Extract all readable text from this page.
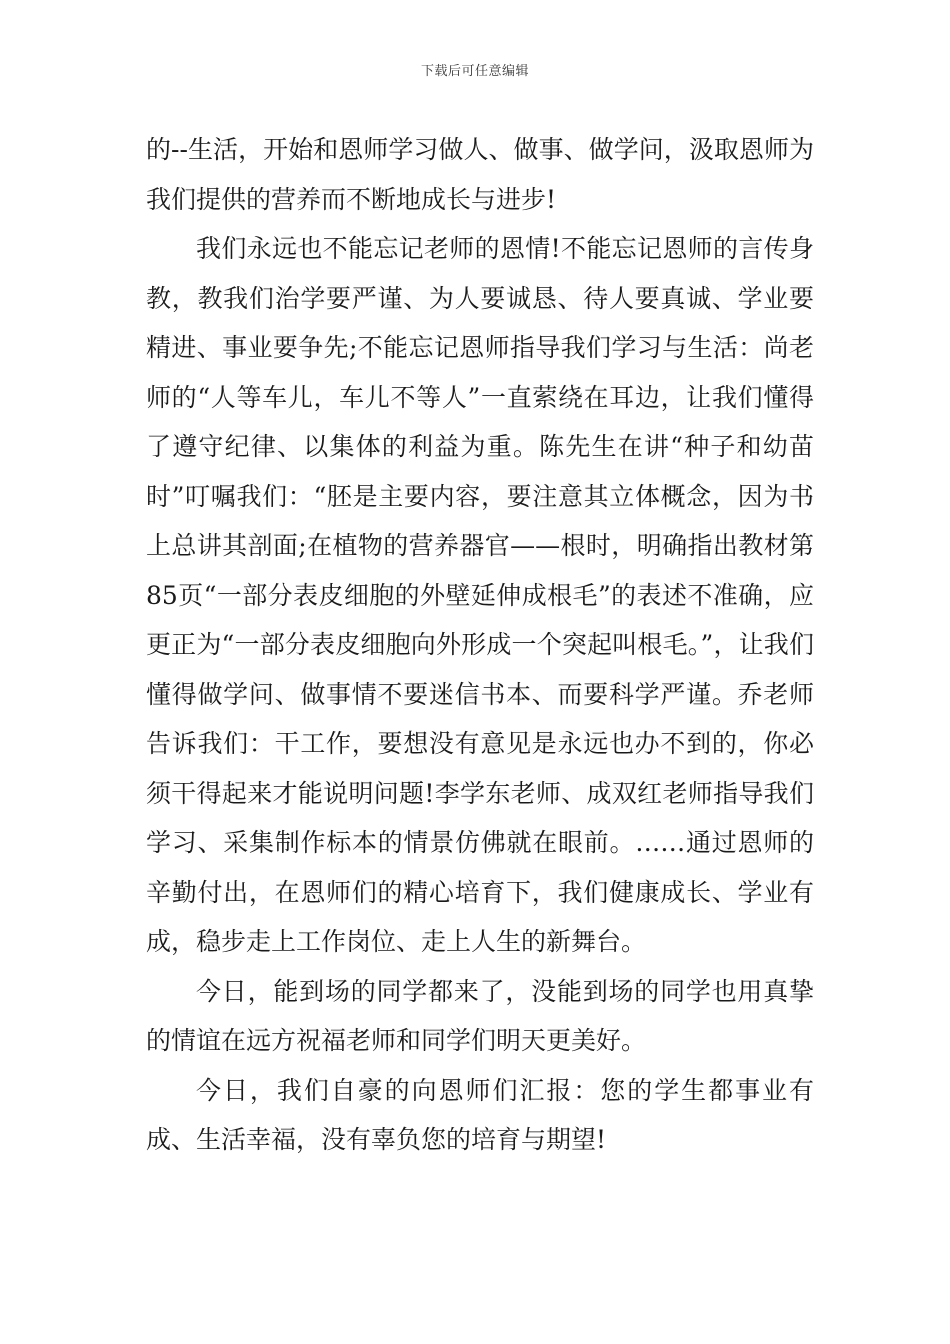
下载后可任意编辑

的--生活，开始和恩师学习做人、做事、做学问，汲取恩师为我们提供的营养而不断地成长与进步!

我们永远也不能忘记老师的恩情!不能忘记恩师的言传身教，教我们治学要严谨、为人要诚恳、待人要真诚、学业要精进、事业要争先;不能忘记恩师指导我们学习与生活：尚老师的“人等车儿，车儿不等人”一直萦绕在耳边，让我们懂得了遵守纪律、以集体的利益为重。陈先生在讲“种子和幼苗时”叮嘱我们：“胚是主要内容，要注意其立体概念，因为书上总讲其剖面;在植物的营养器官——根时，明确指出教材第85页“一部分表皮细胞的外壁延伸成根毛”的表述不准确，应更正为“一部分表皮细胞向外形成一个突起叫根毛。”，让我们懂得做学问、做事情不要迷信书本、而要科学严谨。乔老师告诉我们：干工作，要想没有意见是永远也办不到的，你必须干得起来才能说明问题!李学东老师、成双红老师指导我们学习、采集制作标本的情景仿佛就在眼前。……通过恩师的辛勤付出，在恩师们的精心培育下，我们健康成长、学业有成，稳步走上工作岗位、走上人生的新舞台。

今日，能到场的同学都来了，没能到场的同学也用真挚的情谊在远方祝福老师和同学们明天更美好。

今日，我们自豪的向恩师们汇报：您的学生都事业有成、生活幸福，没有辜负您的培育与期望!
